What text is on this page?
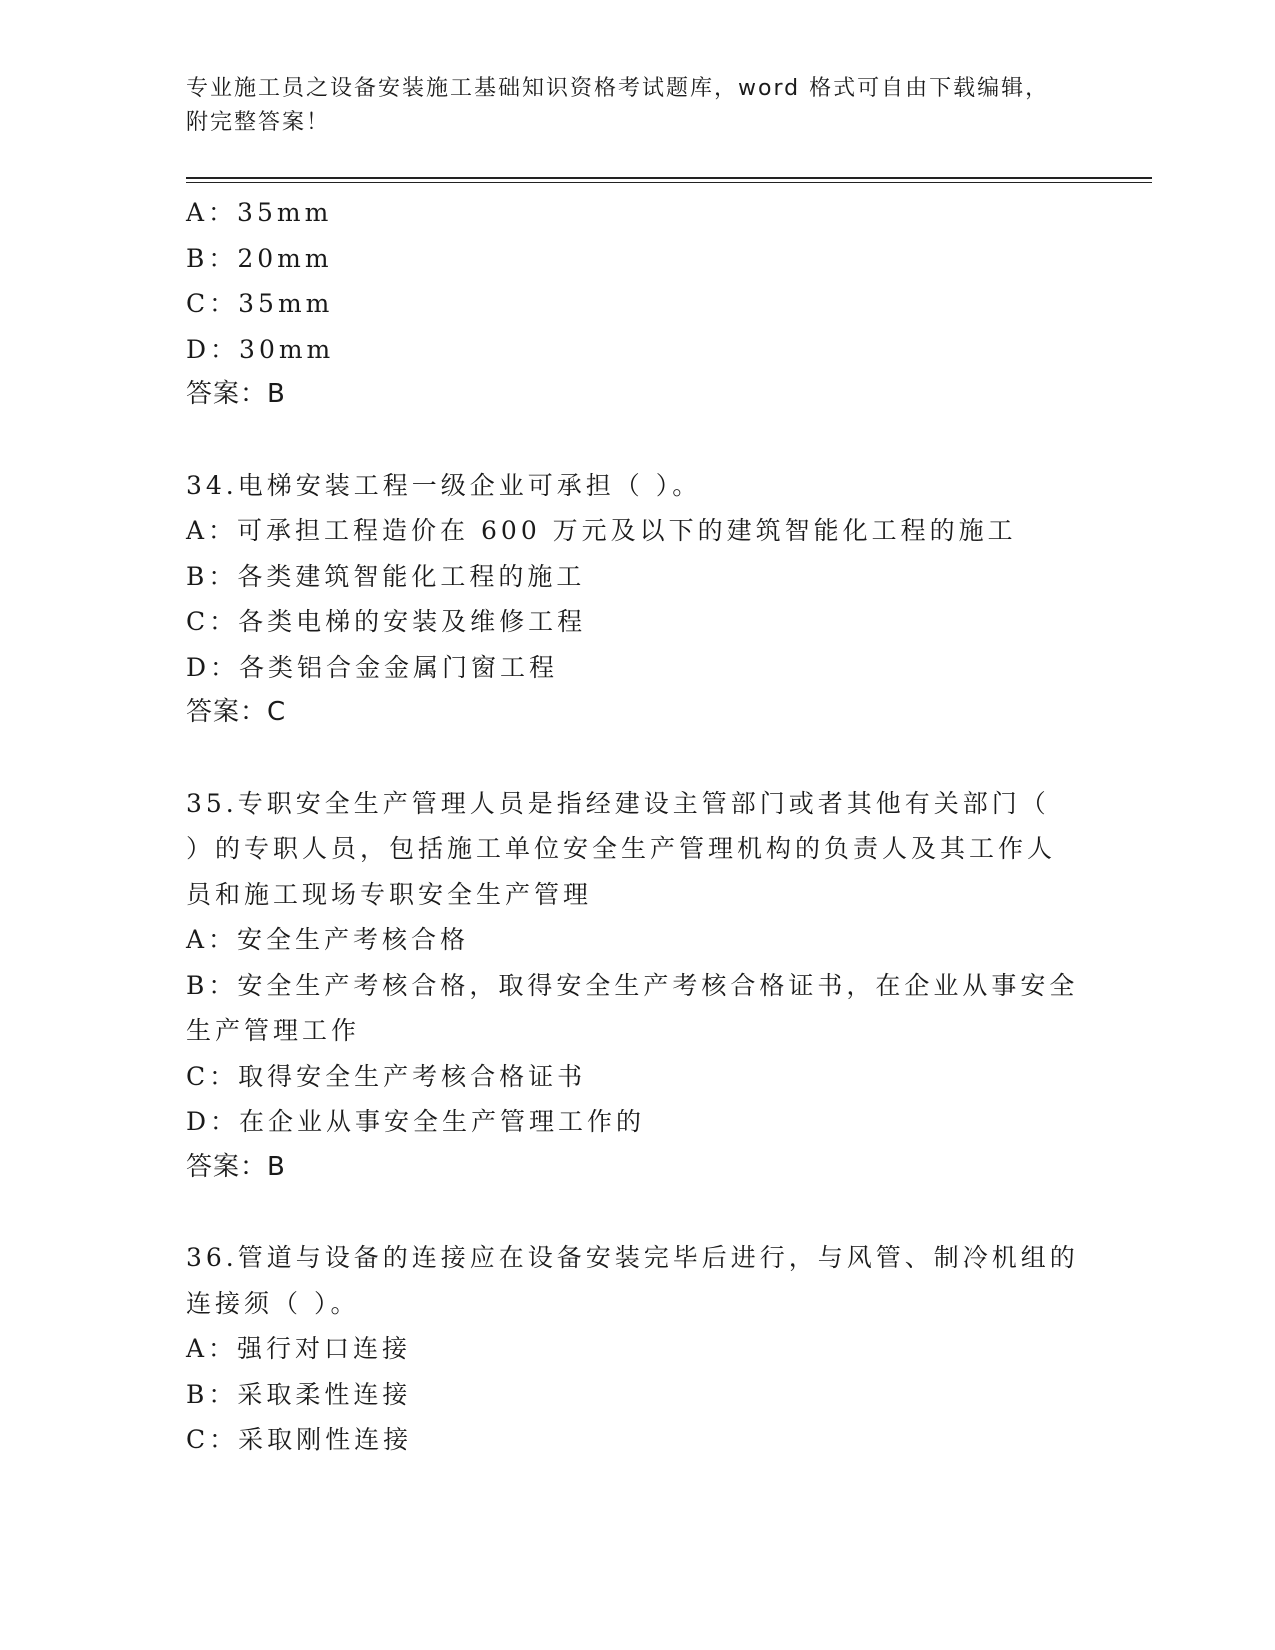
专业施工员之设备安装施工基础知识资格考试题库，word 格式可自由下载编辑，
附完整答案！
A：35mm
B：20mm
C：35mm
D：30mm
答案：B
34.电梯安装工程一级企业可承担（ ）。
A：可承担工程造价在 600 万元及以下的建筑智能化工程的施工
B：各类建筑智能化工程的施工
C：各类电梯的安装及维修工程
D：各类铝合金金属门窗工程
答案：C
35.专职安全生产管理人员是指经建设主管部门或者其他有关部门（
）的专职人员，包括施工单位安全生产管理机构的负责人及其工作人
员和施工现场专职安全生产管理
A：安全生产考核合格
B：安全生产考核合格，取得安全生产考核合格证书，在企业从事安全
生产管理工作
C：取得安全生产考核合格证书
D：在企业从事安全生产管理工作的
答案：B
36.管道与设备的连接应在设备安装完毕后进行，与风管、制冷机组的
连接须（ ）。
A：强行对口连接
B：采取柔性连接
C：采取刚性连接
